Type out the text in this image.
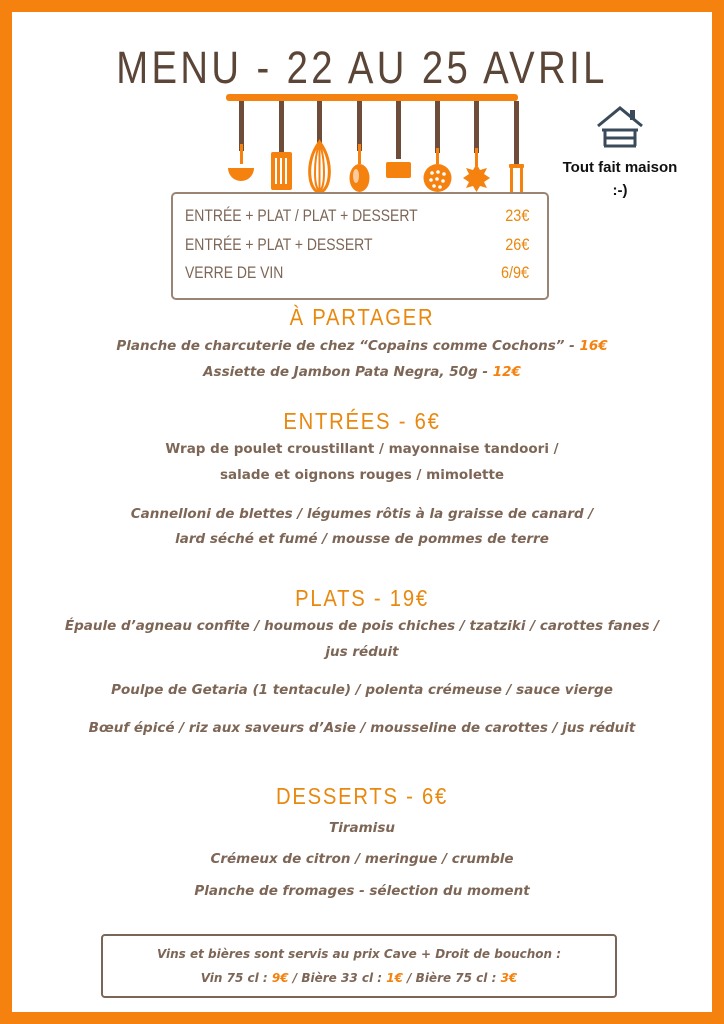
MENU - 22 AU 25 AVRIL
Tout fait maison
:-)
ENTRÉE + PLAT / PLAT + DESSERT	23€
ENTRÉE + PLAT + DESSERT	26€
VERRE DE VIN	6/9€
À PARTAGER
Planche de charcuterie de chez “Copains comme Cochons” - 16€
Assiette de Jambon Pata Negra, 50g - 12€
ENTRÉES - 6€
Wrap de poulet croustillant / mayonnaise tandoori /
salade et oignons rouges / mimolette
Cannelloni de blettes / légumes rôtis à la graisse de canard /
lard séché et fumé / mousse de pommes de terre
PLATS - 19€
Épaule d’agneau confite / houmous de pois chiches / tzatziki / carottes fanes /
jus réduit
Poulpe de Getaria (1 tentacule) / polenta crémeuse / sauce vierge
Bœuf épicé / riz aux saveurs d’Asie / mousseline de carottes / jus réduit
DESSERTS - 6€
Tiramisu
Crémeux de citron / meringue / crumble
Planche de fromages - sélection du moment
Vins et bières sont servis au prix Cave + Droit de bouchon :
Vin 75 cl : 9€ / Bière 33 cl : 1€ / Bière 75 cl : 3€
